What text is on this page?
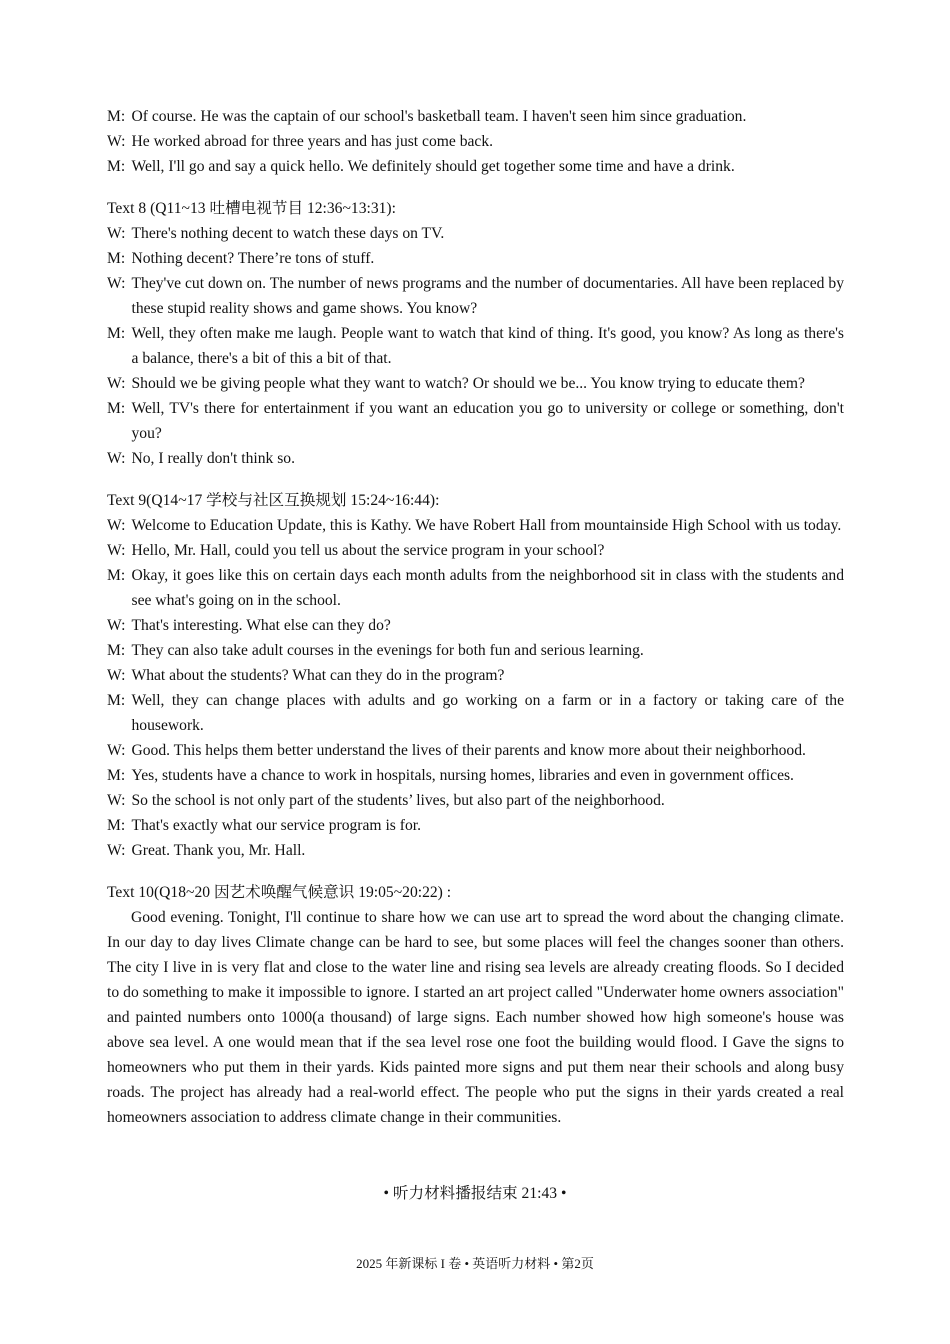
M: Of course. He was the captain of our school's basketball team. I haven't seen him since graduation.

W: He worked abroad for three years and has just come back.

M: Well, I'll go and say a quick hello. We definitely should get together some time and have a drink.

Text 8 (Q11~13 吐槽电视节目 12:36~13:31):

W: There's nothing decent to watch these days on TV.

M: Nothing decent? There’re tons of stuff.

W: They've cut down on. The number of news programs and the number of documentaries. All have been replaced by these stupid reality shows and game shows. You know?

M: Well, they often make me laugh. People want to watch that kind of thing. It's good, you know? As long as there's a balance, there's a bit of this a bit of that.

W: Should we be giving people what they want to watch? Or should we be... You know trying to educate them?

M: Well, TV's there for entertainment if you want an education you go to university or college or something, don't you?

W: No, I really don't think so.

Text 9(Q14~17 学校与社区互换规划 15:24~16:44):

W: Welcome to Education Update, this is Kathy. We have Robert Hall from mountainside High School with us today.

W: Hello, Mr. Hall, could you tell us about the service program in your school?

M: Okay, it goes like this on certain days each month adults from the neighborhood sit in class with the students and see what's going on in the school.

W: That's interesting. What else can they do?

M: They can also take adult courses in the evenings for both fun and serious learning.

W: What about the students? What can they do in the program?

M: Well, they can change places with adults and go working on a farm or in a factory or taking care of the housework.

W: Good. This helps them better understand the lives of their parents and know more about their neighborhood.

M: Yes, students have a chance to work in hospitals, nursing homes, libraries and even in government offices.

W: So the school is not only part of the students’ lives, but also part of the neighborhood.

M: That's exactly what our service program is for.

W: Great. Thank you, Mr. Hall.

Text 10(Q18~20 因艺术唤醒气候意识 19:05~20:22) :

Good evening. Tonight, I'll continue to share how we can use art to spread the word about the changing climate. In our day to day lives Climate change can be hard to see, but some places will feel the changes sooner than others. The city I live in is very flat and close to the water line and rising sea levels are already creating floods. So I decided to do something to make it impossible to ignore. I started an art project called "Underwater home owners association" and painted numbers onto 1000(a thousand) of large signs. Each number showed how high someone's house was above sea level. A one would mean that if the sea level rose one foot the building would flood. I Gave the signs to homeowners who put them in their yards. Kids painted more signs and put them near their schools and along busy roads. The project has already had a real-world effect. The people who put the signs in their yards created a real homeowners association to address climate change in their communities.

• 听力材料播报结束 21:43 •
2025 年新课标 I 卷 • 英语听力材料 • 第2页
